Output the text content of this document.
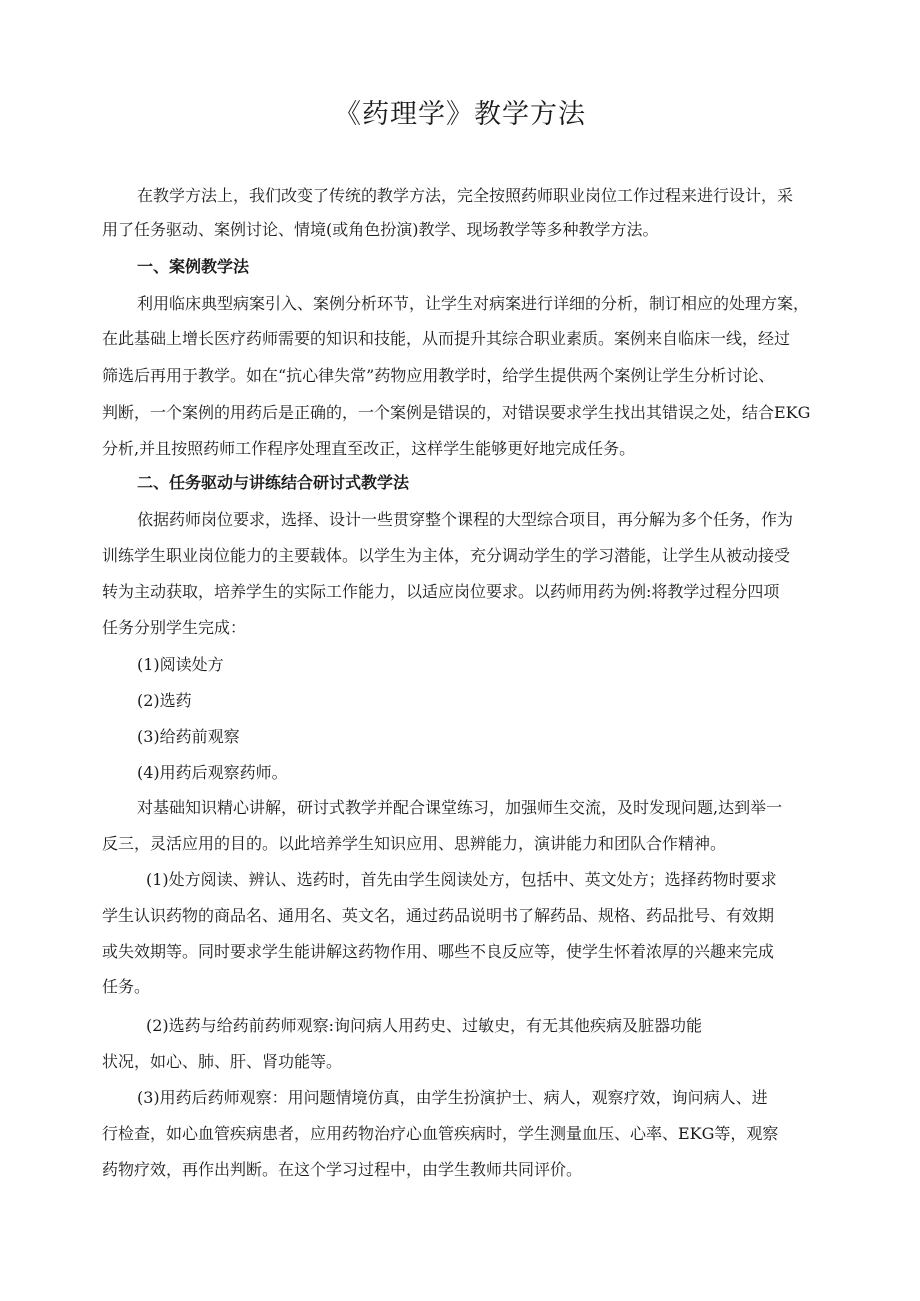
《药理学》教学方法
在教学方法上，我们改变了传统的教学方法，完全按照药师职业岗位工作过程来进行设计，采
用了任务驱动、案例讨论、情境(或角色扮演)教学、现场教学等多种教学方法。
一、案例教学法
利用临床典型病案引入、案例分析环节，让学生对病案进行详细的分析，制订相应的处理方案，
在此基础上增长医疗药师需要的知识和技能，从而提升其综合职业素质。案例来自临床一线，经过
筛选后再用于教学。如在“抗心律失常”药物应用教学时，给学生提供两个案例让学生分析讨论、
判断，一个案例的用药后是正确的，一个案例是错误的，对错误要求学生找出其错误之处，结合EKG
分析,并且按照药师工作程序处理直至改正，这样学生能够更好地完成任务。
二、任务驱动与讲练结合研讨式教学法
依据药师岗位要求，选择、设计一些贯穿整个课程的大型综合项目，再分解为多个任务，作为
训练学生职业岗位能力的主要载体。以学生为主体，充分调动学生的学习潜能，让学生从被动接受
转为主动获取，培养学生的实际工作能力，以适应岗位要求。以药师用药为例:将教学过程分四项
任务分别学生完成：
(1)阅读处方
(2)选药
(3)给药前观察
(4)用药后观察药师。
对基础知识精心讲解，研讨式教学并配合课堂练习，加强师生交流，及时发现问题,达到举一
反三，灵活应用的目的。以此培养学生知识应用、思辨能力，演讲能力和团队合作精神。
(1)处方阅读、辨认、选药时，首先由学生阅读处方，包括中、英文处方；选择药物时要求
学生认识药物的商品名、通用名、英文名，通过药品说明书了解药品、规格、药品批号、有效期
或失效期等。同时要求学生能讲解这药物作用、哪些不良反应等，使学生怀着浓厚的兴趣来完成
任务。
(2)选药与给药前药师观察:询问病人用药史、过敏史，有无其他疾病及脏器功能
状况，如心、肺、肝、肾功能等。
(3)用药后药师观察：用问题情境仿真，由学生扮演护士、病人，观察疗效，询问病人、进
行检查，如心血管疾病患者，应用药物治疗心血管疾病时，学生测量血压、心率、EKG等，观察
药物疗效，再作出判断。在这个学习过程中，由学生教师共同评价。
